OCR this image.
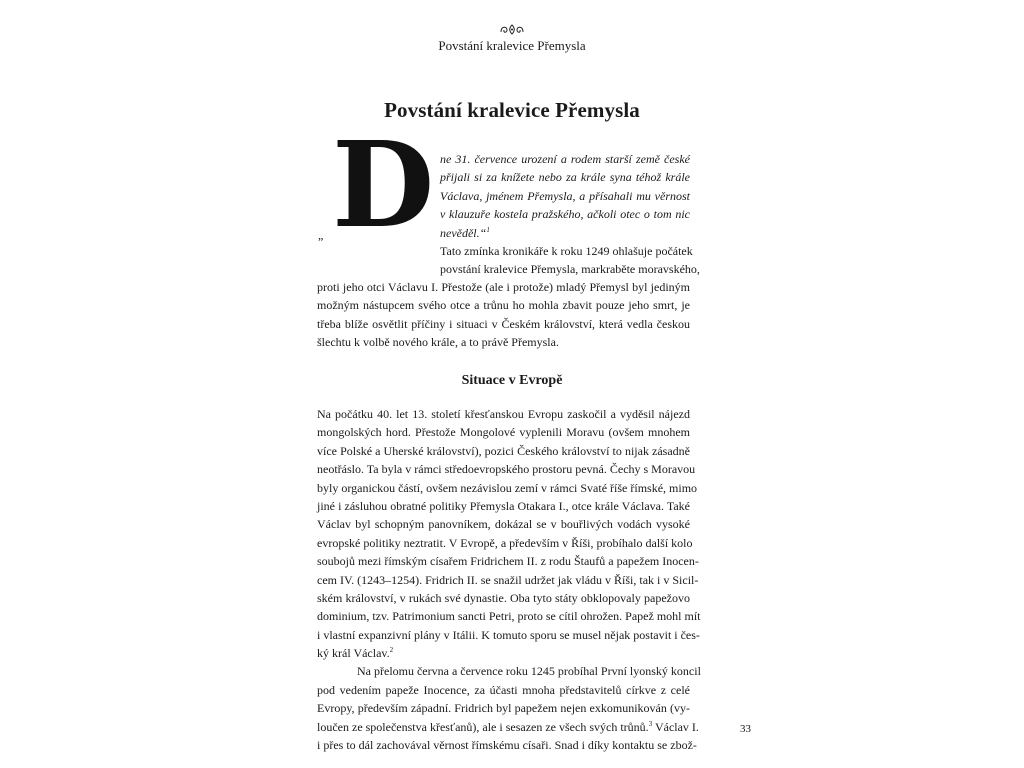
Povstání kralevice Přemysla
Povstání kralevice Přemysla
D
„
ne 31. července urození a rodem starší země české
přijali si za knížete nebo za krále syna téhož krále
Václava, jménem Přemysla, a přísahali mu věrnost
v klauzuře kostela pražského, ačkoli otec o tom nic
nevěděl.“$^1$
Tato zmínka kronikáře k roku 1249 ohlašuje počátek
povstání kralevice Přemysla, markraběte moravského,
proti jeho otci Václavu I. Přestože (ale i protože) mladý Přemysl byl jediným
možným nástupcem svého otce a trůnu ho mohla zbavit pouze jeho smrt, je
třeba blíže osvětlit příčiny i situaci v Českém království, která vedla českou
šlechtu k volbě nového krále, a to právě Přemysla.
Situace v Evropě
Na počátku 40. let 13. století křesťanskou Evropu zaskočil a vyděsil nájezd
mongolských hord. Přestože Mongolové vyplenili Moravu (ovšem mnohem
více Polské a Uherské království), pozici Českého království to nijak zásadně
neotřáslo. Ta byla v rámci středoevropského prostoru pevná. Čechy s Moravou
byly organickou částí, ovšem nezávislou zemí v rámci Svaté říše římské, mimo
jiné i zásluhou obratné politiky Přemysla Otakara I., otce krále Václava. Také
Václav byl schopným panovníkem, dokázal se v bouřlivých vodách vysoké
evropské politiky neztratit. V Evropě, a především v Říši, probíhalo další kolo
soubojů mezi římským císařem Fridrichem II. z rodu Štaufů a papežem Inocen-
cem IV. (1243–1254). Fridrich II. se snažil udržet jak vládu v Říši, tak i v Sicil-
ském království, v rukách své dynastie. Oba tyto státy obklopovaly papežovo
dominium, tzv. Patrimonium sancti Petri, proto se cítil ohrožen. Papež mohl mít
i vlastní expanzivní plány v Itálii. K tomuto sporu se musel nějak postavit i čes-
ký král Václav.$^2$
Na přelomu června a července roku 1245 probíhal První lyonský koncil
pod vedením papeže Inocence, za účasti mnoha představitelů církve z celé
Evropy, především západní. Fridrich byl papežem nejen exkomunikován (vy-
loučen ze společenstva křesťanů), ale i sesazen ze všech svých trůnů.$^3$ Václav I.
i přes to dál zachovával věrnost římskému císaři. Snad i díky kontaktu se zbož-
33
